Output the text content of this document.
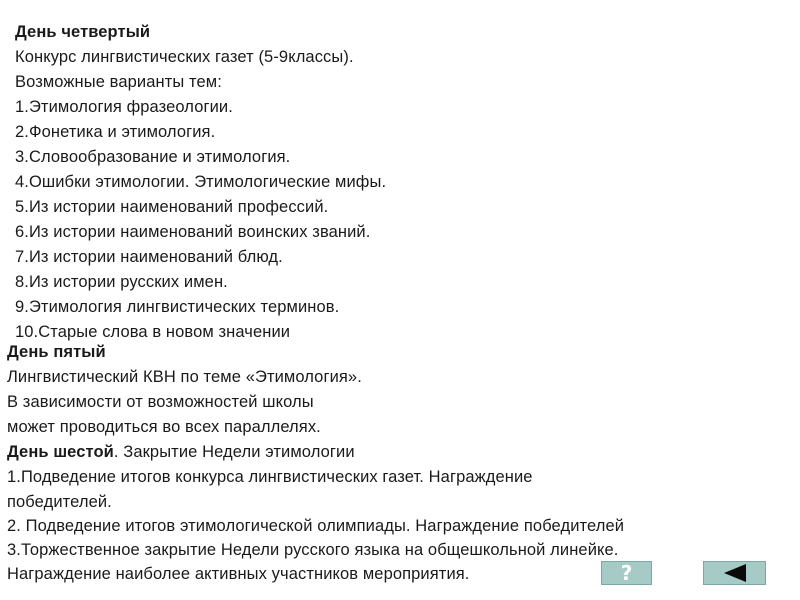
День четвертый
Конкурс лингвистических газет (5-9классы).
Возможные варианты тем:
1.Этимология фразеологии.
2.Фонетика и этимология.
3.Словообразование и этимология.
4.Ошибки этимологии. Этимологические мифы.
5.Из истории наименований профессий.
6.Из истории наименований воинских званий.
7.Из истории наименований блюд.
8.Из истории русских имен.
9.Этимология лингвистических терминов.
10.Старые слова в новом значении
День пятый
Лингвистический КВН по теме «Этимология».
В зависимости от возможностей школы
может проводиться во всех параллелях.
День шестой. Закрытие Недели этимологии
1.Подведение итогов конкурса лингвистических газет. Награждение
победителей.
2. Подведение итогов этимологической олимпиады. Награждение победителей
3.Торжественное закрытие Недели русского языка на общешкольной линейке.
Награждение наиболее активных участников мероприятия.	?
